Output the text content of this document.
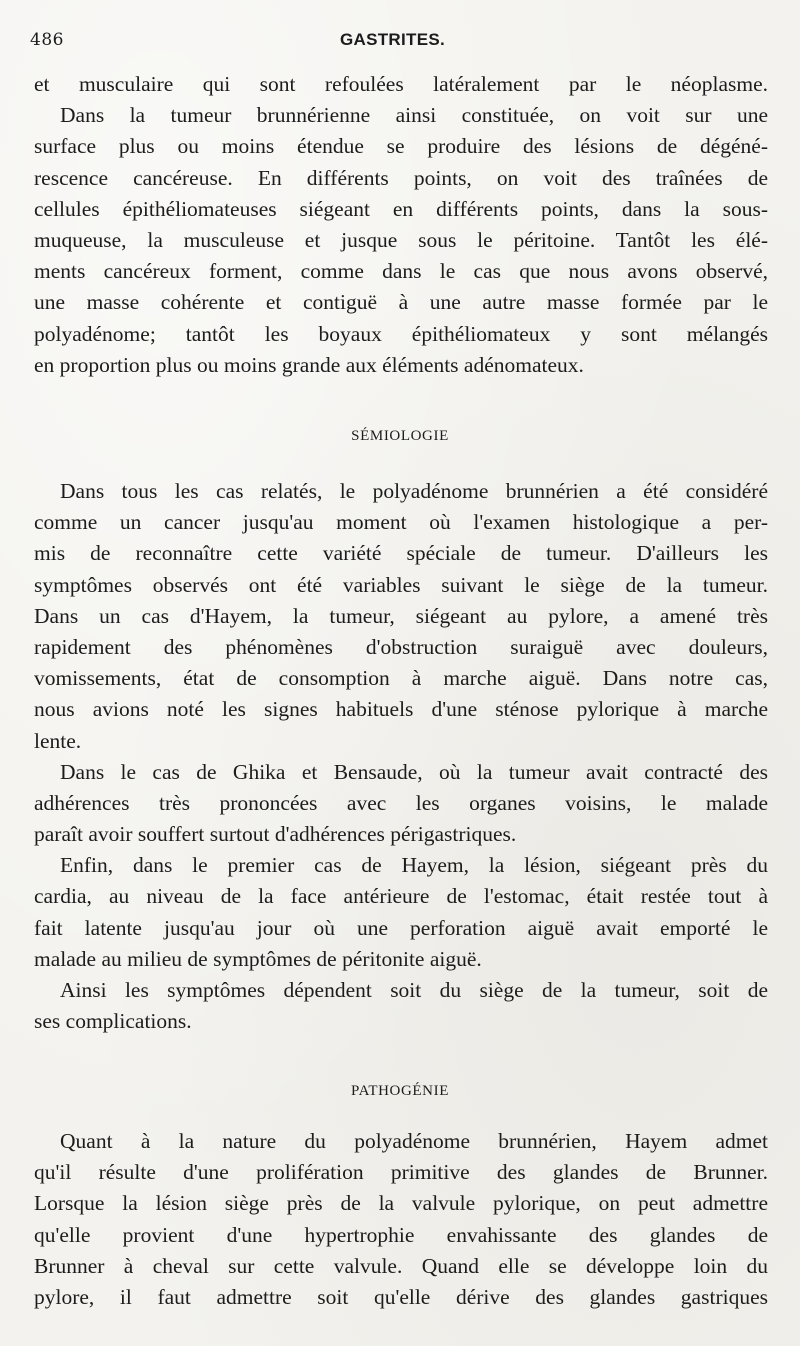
486	GASTRITES.
et musculaire qui sont refoulées latéralement par le néoplasme.
Dans la tumeur brunnérienne ainsi constituée, on voit sur une
surface plus ou moins étendue se produire des lésions de dégéné-
rescence cancéreuse. En différents points, on voit des traînées de
cellules épithéliomateuses siégeant en différents points, dans la sous-
muqueuse, la musculeuse et jusque sous le péritoine. Tantôt les élé-
ments cancéreux forment, comme dans le cas que nous avons observé,
une masse cohérente et contiguë à une autre masse formée par le
polyadénome; tantôt les boyaux épithéliomateux y sont mélangés
en proportion plus ou moins grande aux éléments adénomateux.
SÉMIOLOGIE
Dans tous les cas relatés, le polyadénome brunnérien a été considéré
comme un cancer jusqu'au moment où l'examen histologique a per-
mis de reconnaître cette variété spéciale de tumeur. D'ailleurs les
symptômes observés ont été variables suivant le siège de la tumeur.
Dans un cas d'Hayem, la tumeur, siégeant au pylore, a amené très
rapidement des phénomènes d'obstruction suraiguë avec douleurs,
vomissements, état de consomption à marche aiguë. Dans notre cas,
nous avions noté les signes habituels d'une sténose pylorique à marche
lente.
Dans le cas de Ghika et Bensaude, où la tumeur avait contracté des
adhérences très prononcées avec les organes voisins, le malade
paraît avoir souffert surtout d'adhérences périgastriques.
Enfin, dans le premier cas de Hayem, la lésion, siégeant près du
cardia, au niveau de la face antérieure de l'estomac, était restée tout à
fait latente jusqu'au jour où une perforation aiguë avait emporté le
malade au milieu de symptômes de péritonite aiguë.
Ainsi les symptômes dépendent soit du siège de la tumeur, soit de
ses complications.
PATHOGÉNIE
Quant à la nature du polyadénome brunnérien, Hayem admet
qu'il résulte d'une prolifération primitive des glandes de Brunner.
Lorsque la lésion siège près de la valvule pylorique, on peut admettre
qu'elle provient d'une hypertrophie envahissante des glandes de
Brunner à cheval sur cette valvule. Quand elle se développe loin du
pylore, il faut admettre soit qu'elle dérive des glandes gastriques
